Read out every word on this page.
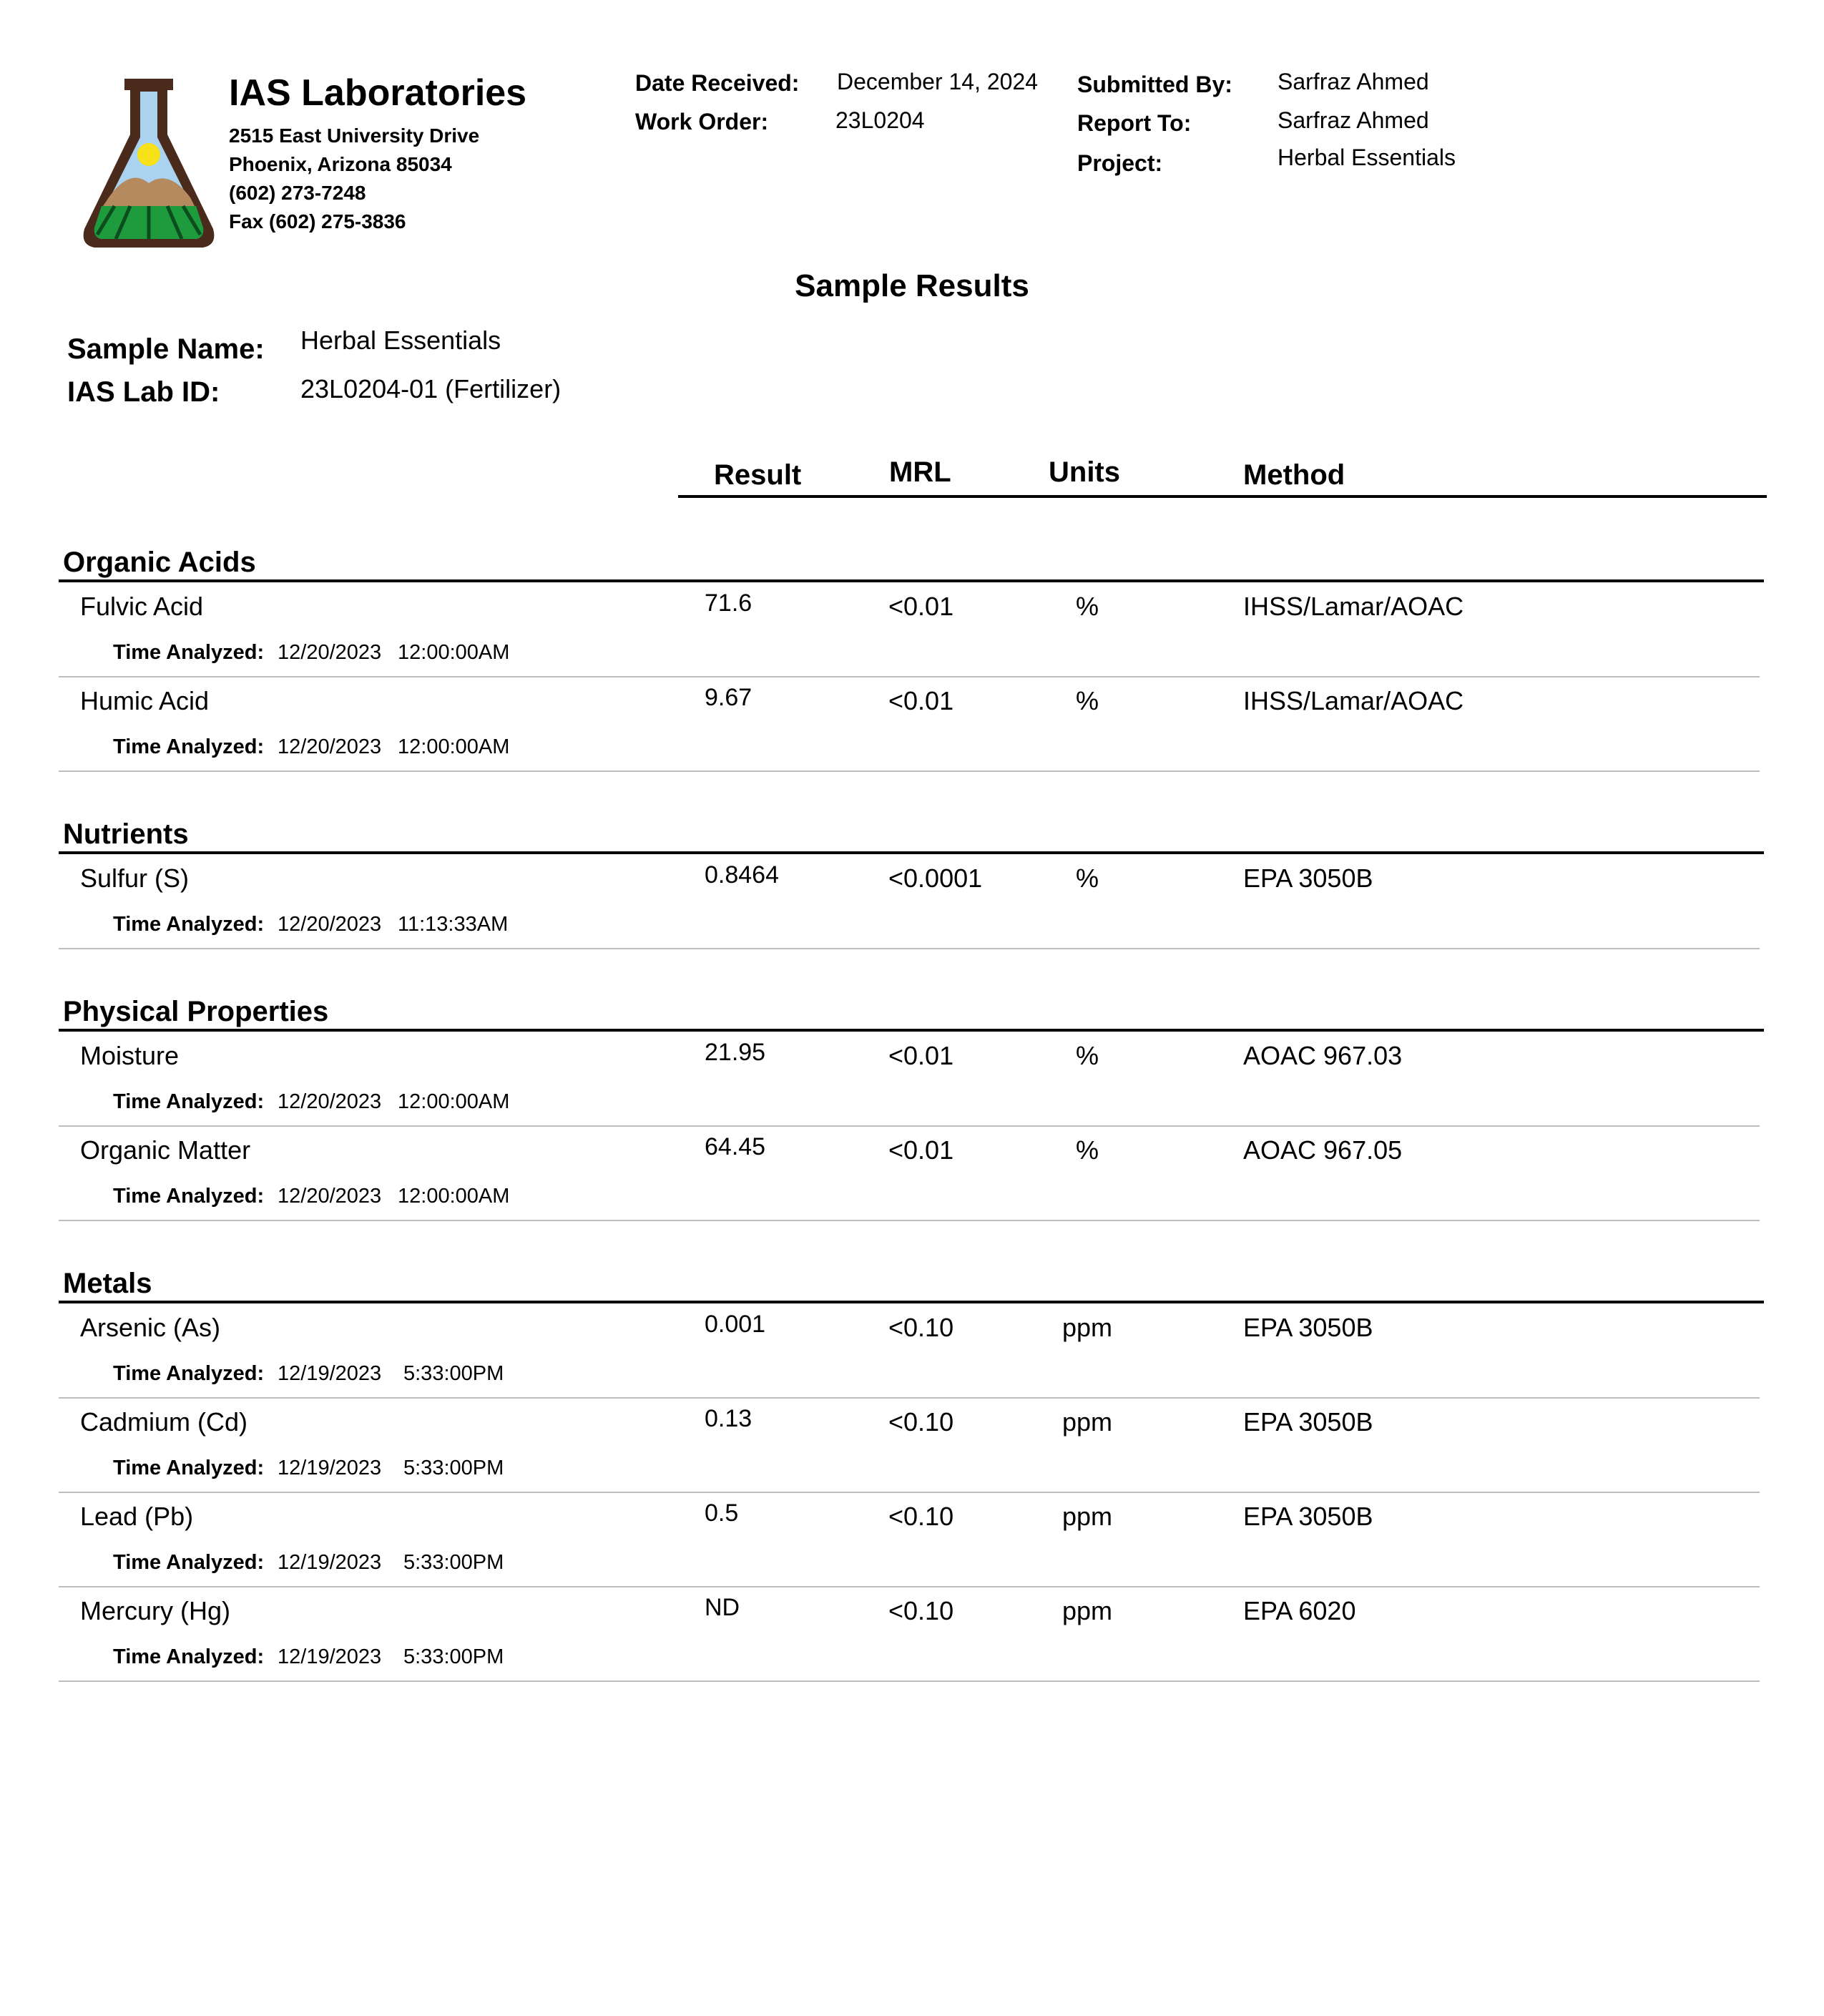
IAS Laboratories
2515 East University Drive
Phoenix, Arizona 85034
(602) 273-7248
Fax (602) 275-3836
Date Received: December 14, 2024
Work Order:	23L0204
Submitted By: Sarfraz Ahmed
Report To:	Sarfraz Ahmed
Project:	Herbal Essentials
Sample Results
Sample Name: Herbal Essentials
IAS Lab ID:	23L0204-01 (Fertilizer)
Result	MRL	Units	Method
Organic Acids
Fulvic Acid	71.6	<0.01	%	IHSS/Lamar/AOAC
Time Analyzed: 12/20/2023 12:00:00AM
Humic Acid	9.67	<0.01	%	IHSS/Lamar/AOAC
Time Analyzed: 12/20/2023 12:00:00AM
Nutrients
Sulfur (S)	0.8464	<0.0001	%	EPA 3050B
Time Analyzed: 12/20/2023 11:13:33AM
Physical Properties
Moisture	21.95	<0.01	%	AOAC 967.03
Time Analyzed: 12/20/2023 12:00:00AM
Organic Matter	64.45	<0.01	%	AOAC 967.05
Time Analyzed: 12/20/2023 12:00:00AM
Metals
Arsenic (As)	0.001	<0.10	ppm	EPA 3050B
Time Analyzed: 12/19/2023 5:33:00PM
Cadmium (Cd)	0.13	<0.10	ppm	EPA 3050B
Time Analyzed: 12/19/2023 5:33:00PM
Lead (Pb)	0.5	<0.10	ppm	EPA 3050B
Time Analyzed: 12/19/2023 5:33:00PM
Mercury (Hg)	ND	<0.10	ppm	EPA 6020
Time Analyzed: 12/19/2023 5:33:00PM
